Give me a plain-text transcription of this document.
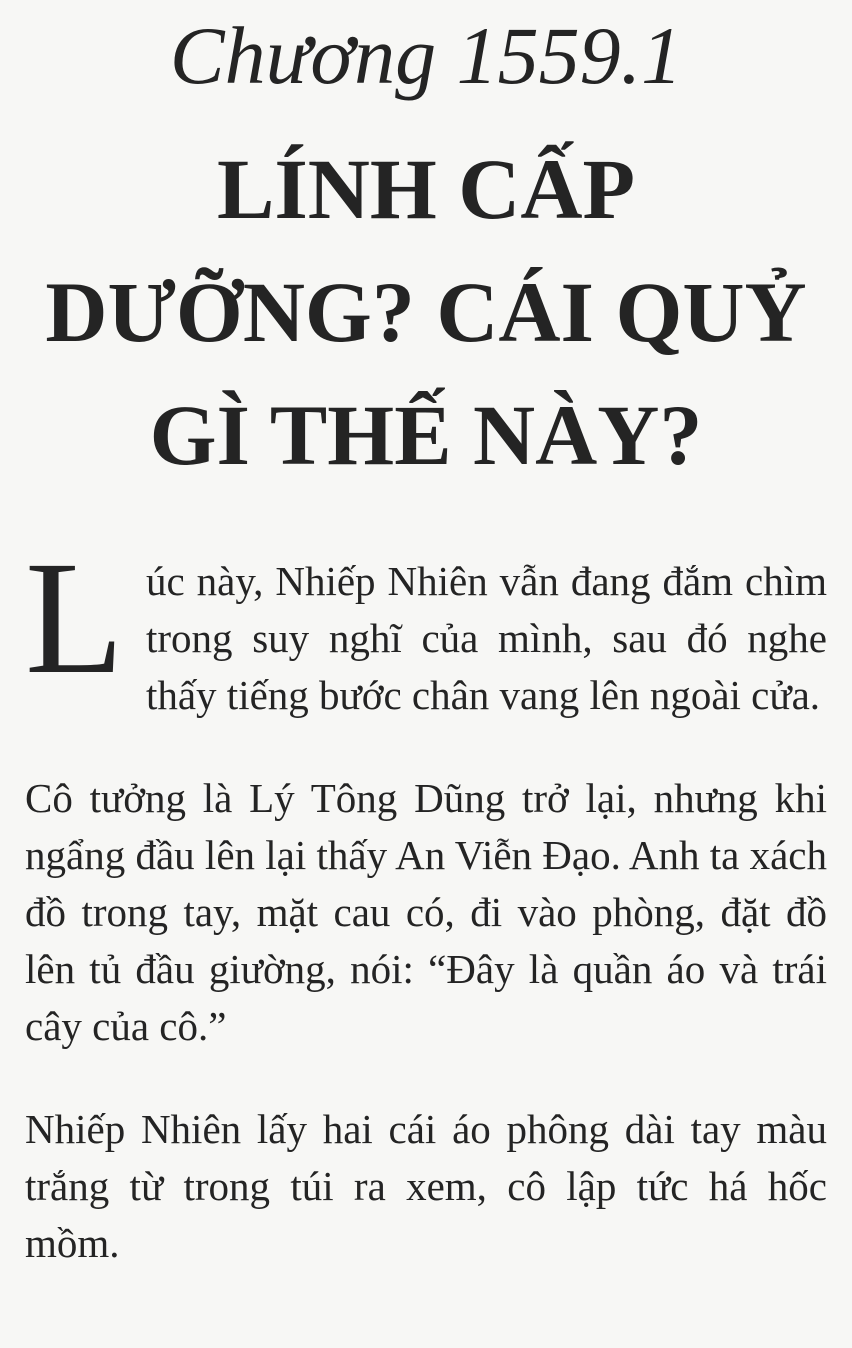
Chương 1559.1
LÍNH CẤP
DƯỠNG? CÁI QUỶ
GÌ THẾ NÀY?

Lúc này, Nhiếp Nhiên vẫn đang đắm chìm trong suy nghĩ của mình, sau đó nghe thấy tiếng bước chân vang lên ngoài cửa.

Cô tưởng là Lý Tông Dũng trở lại, nhưng khi ngẩng đầu lên lại thấy An Viễn Đạo. Anh ta xách đồ trong tay, mặt cau có, đi vào phòng, đặt đồ lên tủ đầu giường, nói: “Đây là quần áo và trái cây của cô.”

Nhiếp Nhiên lấy hai cái áo phông dài tay màu trắng từ trong túi ra xem, cô lập tức há hốc mồm.
